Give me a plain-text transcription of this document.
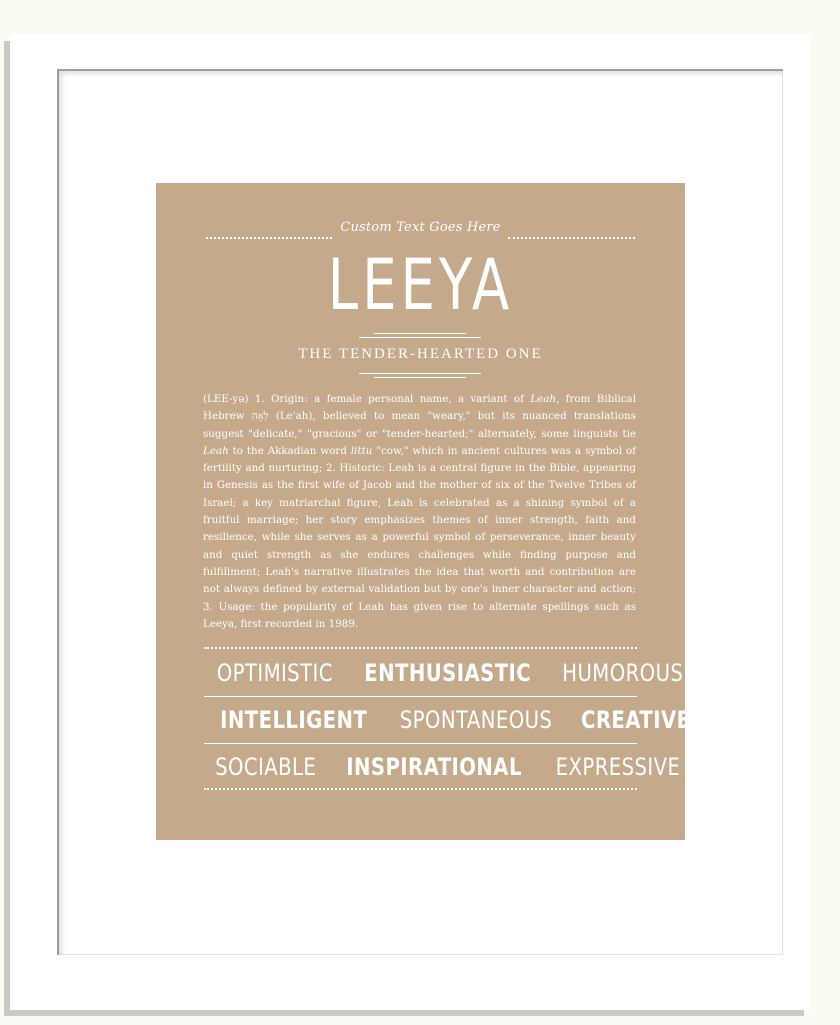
Custom Text Goes Here
LEEYA
THE TENDER-HEARTED ONE
(LEE-yə) 1. Origin: a female personal name, a variant of Leah, from Biblical Hebrew לֵאָה (Le'ah), believed to mean "weary," but its nuanced translations suggest "delicate," "gracious" or "tender-hearted;" alternately, some linguists tie Leah to the Akkadian word littu "cow," which in ancient cultures was a symbol of fertility and nurturing; 2. Historic: Leah is a central figure in the Bible, appearing in Genesis as the first wife of Jacob and the mother of six of the Twelve Tribes of Israel; a key matriarchal figure, Leah is celebrated as a shining symbol of a fruitful marriage; her story emphasizes themes of inner strength, faith and resilience, while she serves as a powerful symbol of perseverance, inner beauty and quiet strength as she endures challenges while finding purpose and fulfillment; Leah's narrative illustrates the idea that worth and contribution are not always defined by external validation but by one's inner character and action; 3. Usage: the popularity of Leah has given rise to alternate spellings such as Leeya, first recorded in 1989.
OPTIMISTIC ENTHUSIASTIC HUMOROUS
INTELLIGENT SPONTANEOUS CREATIVE
SOCIABLE INSPIRATIONAL EXPRESSIVE
